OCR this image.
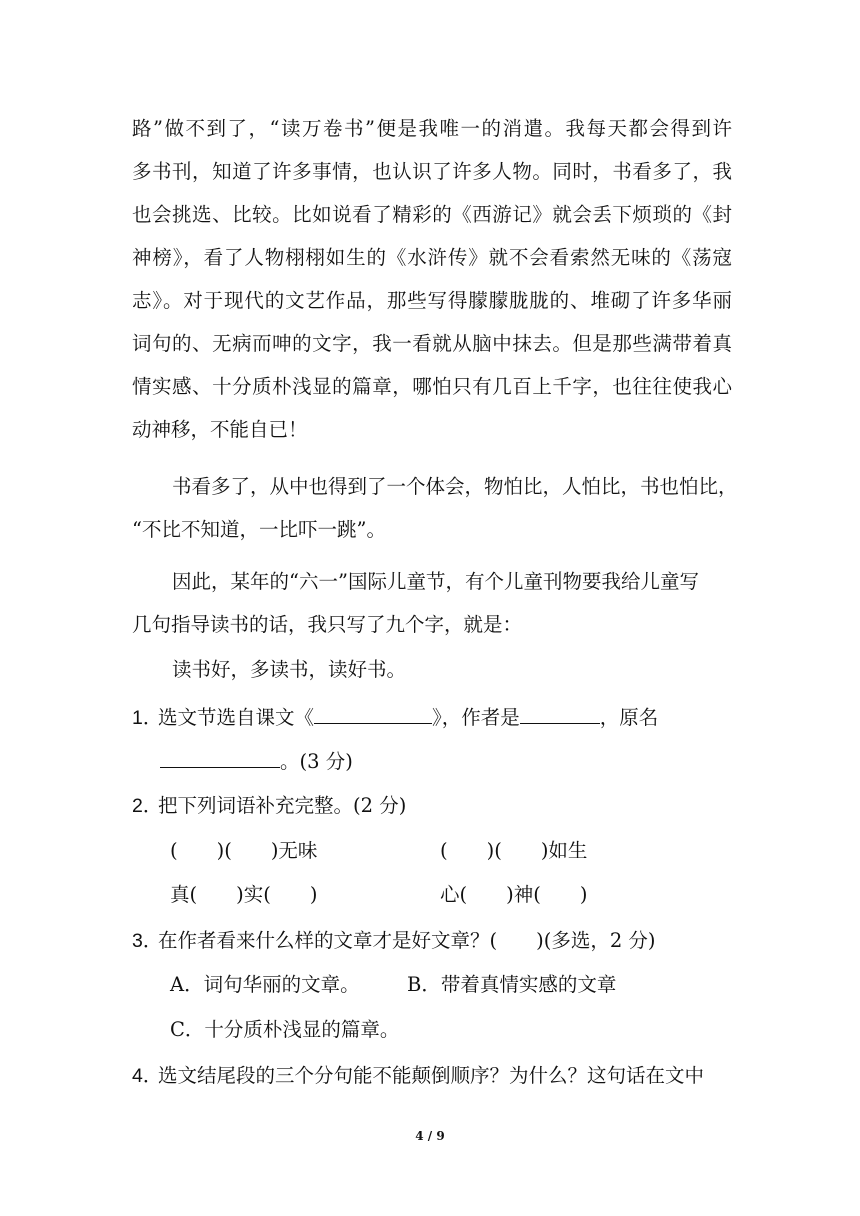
路”做不到了，“读万卷书”便是我唯一的消遣。我每天都会得到许
多书刊，知道了许多事情，也认识了许多人物。同时，书看多了，我
也会挑选、比较。比如说看了精彩的《西游记》就会丢下烦琐的《封
神榜》，看了人物栩栩如生的《水浒传》就不会看索然无味的《荡寇
志》。对于现代的文艺作品，那些写得朦朦胧胧的、堆砌了许多华丽
词句的、无病而呻的文字，我一看就从脑中抹去。但是那些满带着真
情实感、十分质朴浅显的篇章，哪怕只有几百上千字，也往往使我心
动神移，不能自已！
书看多了，从中也得到了一个体会，物怕比，人怕比，书也怕比，
“不比不知道，一比吓一跳”。
因此，某年的“六一”国际儿童节，有个儿童刊物要我给儿童写
几句指导读书的话，我只写了九个字，就是：
读书好，多读书，读好书。
1．选文节选自课文《	》，作者是	，原名
。(3 分)
2．把下列词语补充完整。(2 分)
(　　)(　　)无味	(　　)(　　)如生
真(　　)实(　　)	心(　　)神(　　)
3．在作者看来什么样的文章才是好文章？(　　)(多选，2 分)
A．词句华丽的文章。 B．带着真情实感的文章
C．十分质朴浅显的篇章。
4．选文结尾段的三个分句能不能颠倒顺序？为什么？这句话在文中
4 / 9
